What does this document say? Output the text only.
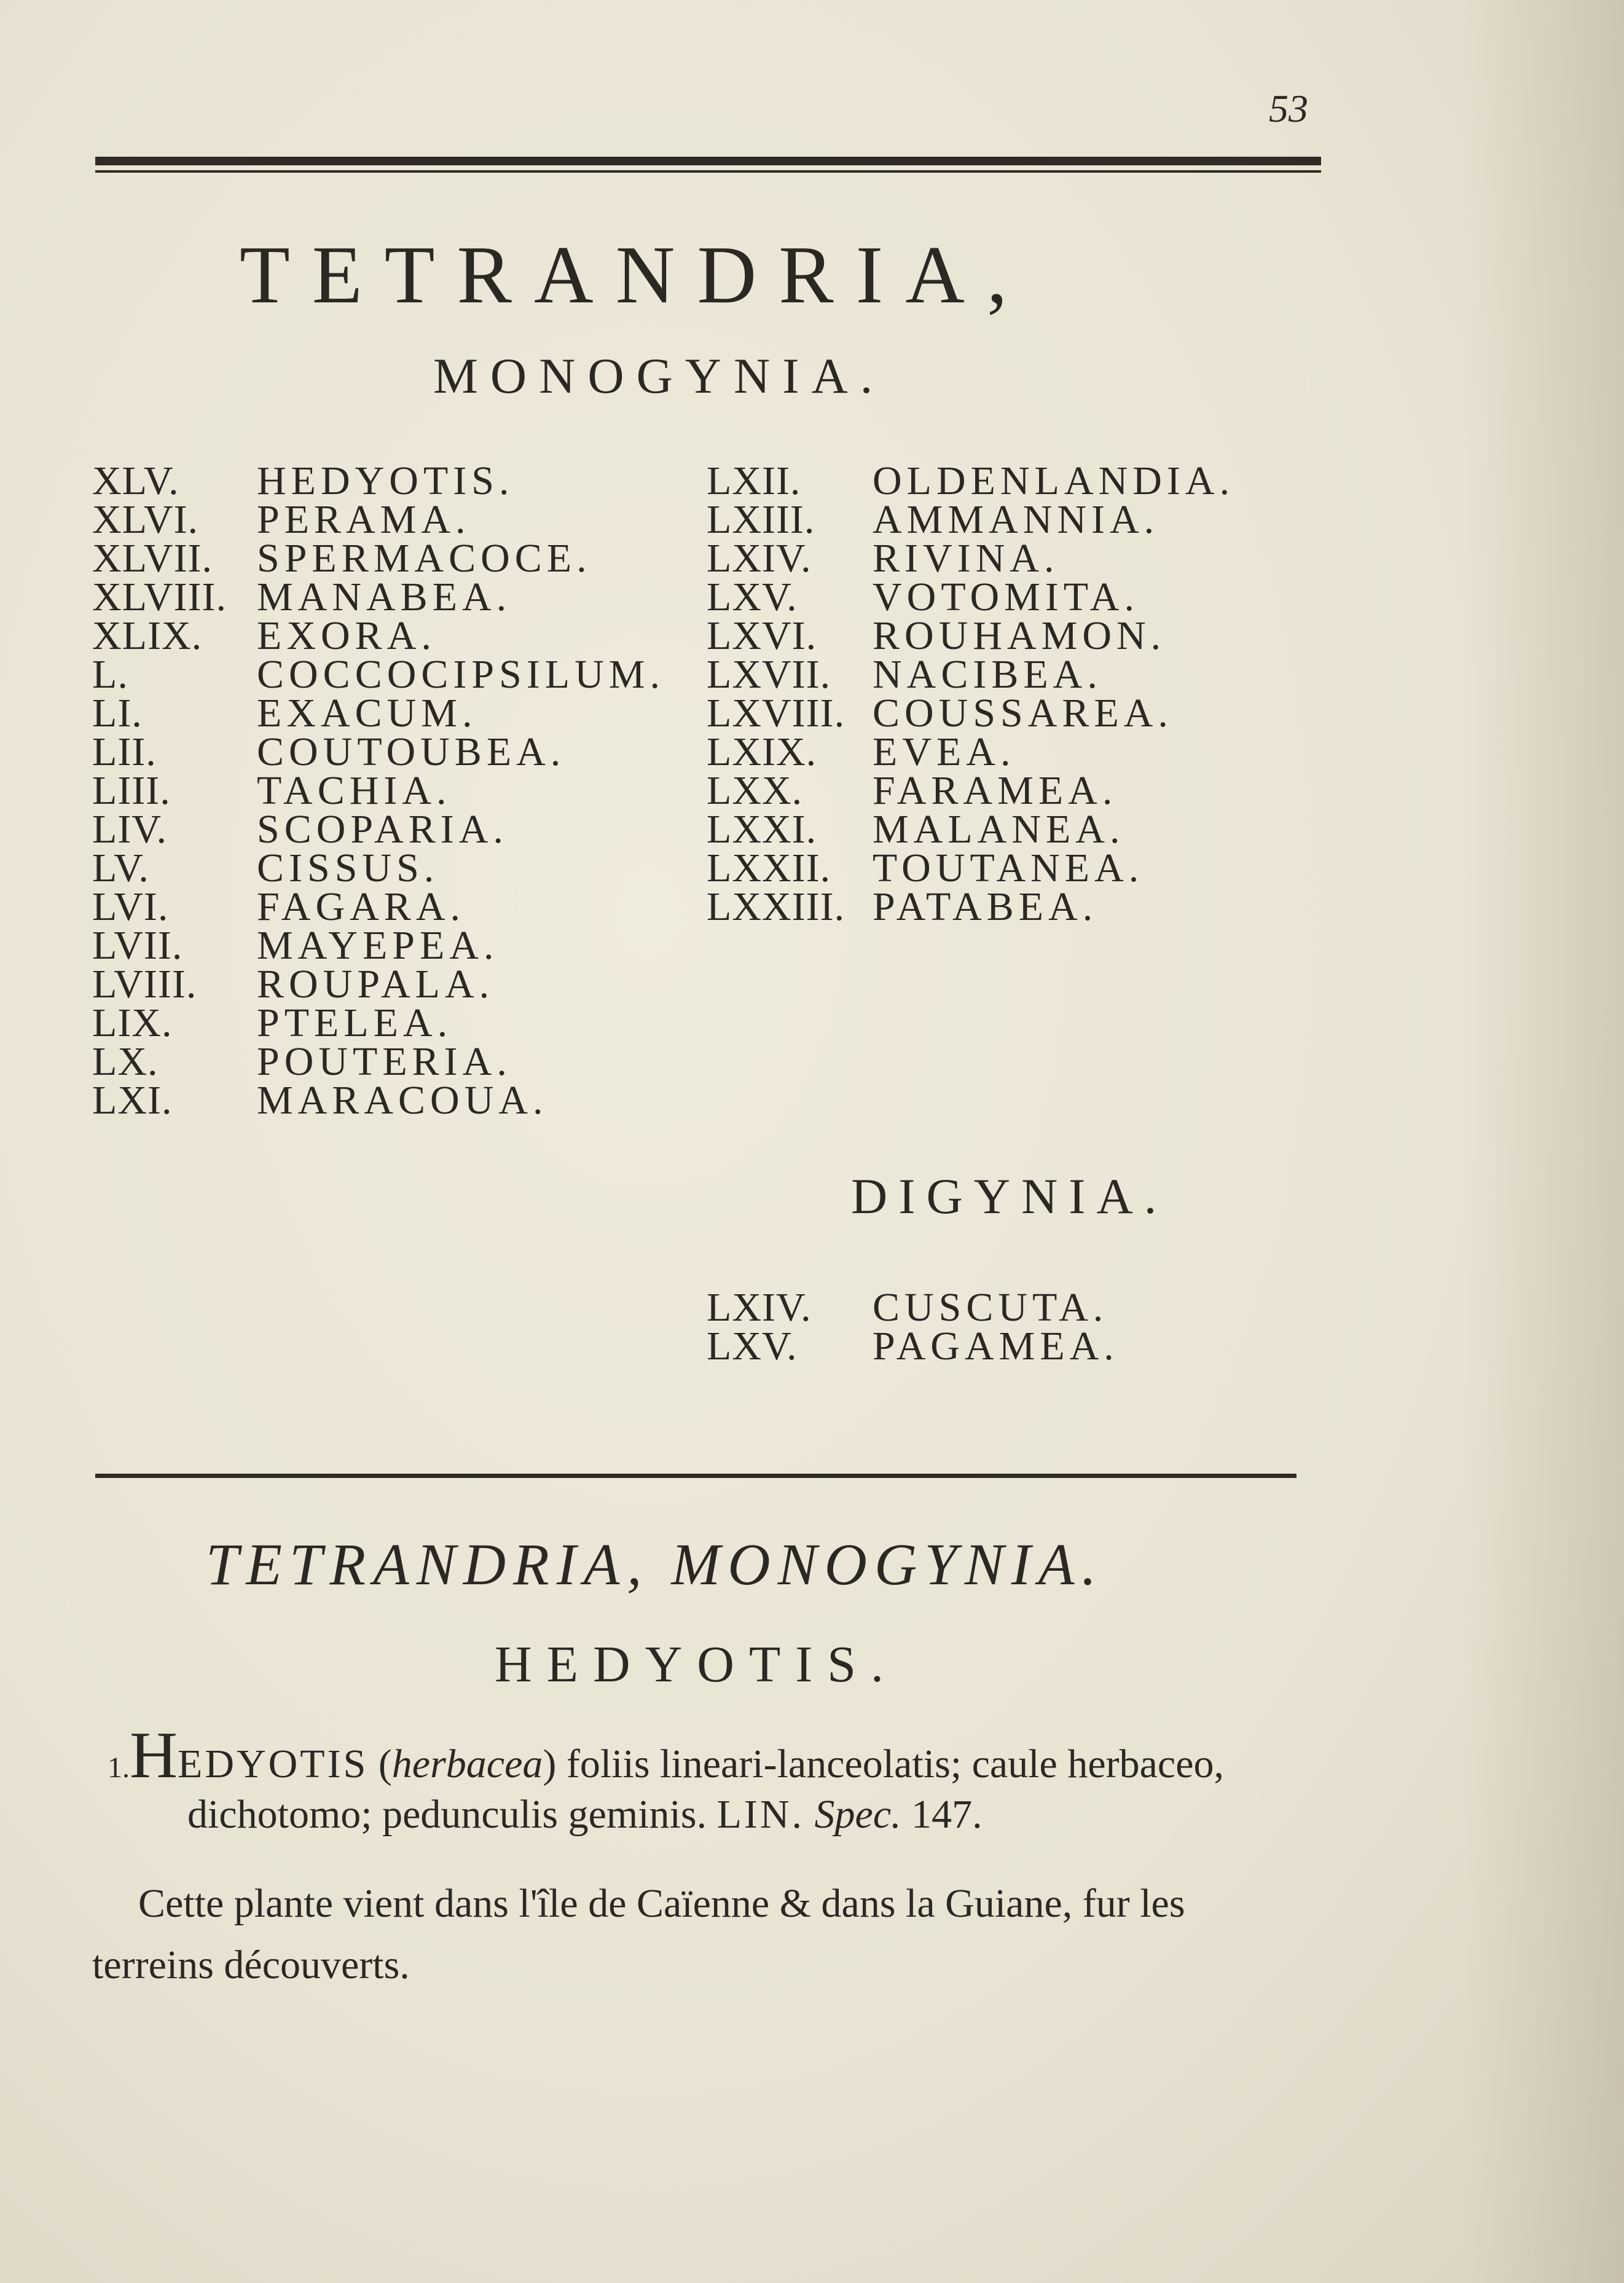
53
TETRANDRIA,
MONOGYNIA.
XLV. HEDYOTIS.
XLVI. PERAMA.
XLVII. SPERMACOCE.
XLVIII. MANABEA.
XLIX. EXORA.
L.	COCCOCIPSILUM.
LI.	EXACUM.
LII. COUTOUBEA.
LIII. TACHIA.
LIV. SCOPARIA.
LV.	CISSUS.
LVI. FAGARA.
LVII. MAYEPEA.
LVIII. ROUPALA.
LIX. PTELEA.
LX. POUTERIA.
LXI. MARACOUA.
LXII. OLDENLANDIA.
LXIII. AMMANNIA.
LXIV. RIVINA.
LXV. VOTOMITA.
LXVI. ROUHAMON.
LXVII. NACIBEA.
LXVIII. COUSSAREA.
LXIX. EVEA.
LXX. FARAMEA.
LXXI. MALANEA.
LXXII. TOUTANEA.
LXXIII. PATABEA.
DIGYNIA.
LXIV. CUSCUTA.
LXV. PAGAMEA.
TETRANDRIA, MONOGYNIA.
HEDYOTIS.
1.HEDYOTIS (herbacea) foliis lineari-lanceolatis; caule herbaceo,
dichotomo; pedunculis geminis. LIN. Spec. 147.
Cette plante vient dans l'île de Caïenne & dans la Guiane, fur les
terreins découverts.
